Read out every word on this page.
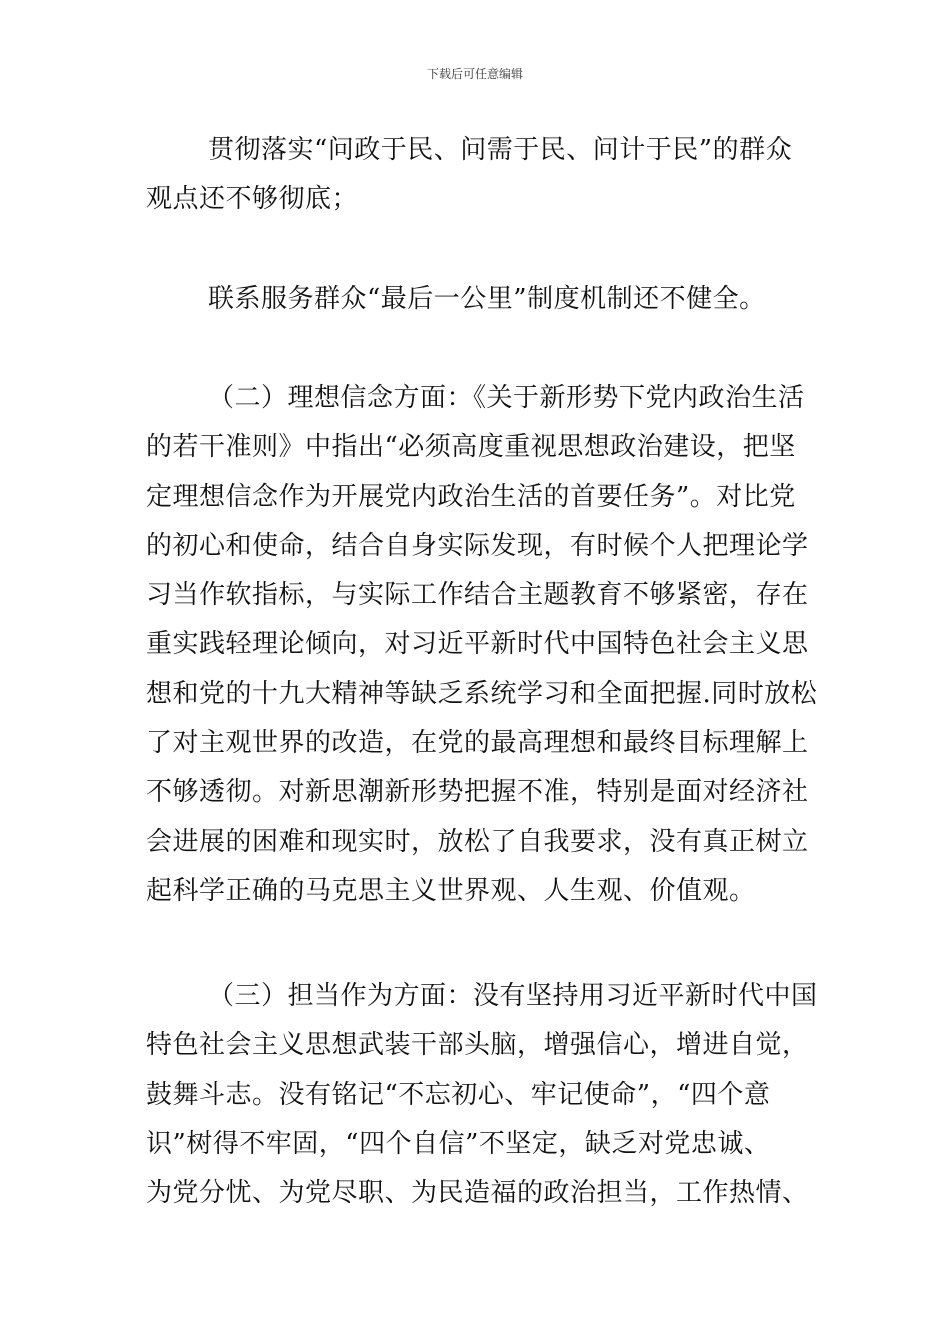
下载后可任意编辑
贯彻落实“问政于民、问需于民、问计于民”的群众
观点还不够彻底；
联系服务群众“最后一公里”制度机制还不健全。
（二）理想信念方面：《关于新形势下党内政治生活
的若干准则》中指出“必须高度重视思想政治建设，把坚
定理想信念作为开展党内政治生活的首要任务”。对比党
的初心和使命，结合自身实际发现，有时候个人把理论学
习当作软指标，与实际工作结合主题教育不够紧密，存在
重实践轻理论倾向，对习近平新时代中国特色社会主义思
想和党的十九大精神等缺乏系统学习和全面把握.同时放松
了对主观世界的改造，在党的最高理想和最终目标理解上
不够透彻。对新思潮新形势把握不准，特别是面对经济社
会进展的困难和现实时，放松了自我要求，没有真正树立
起科学正确的马克思主义世界观、人生观、价值观。
（三）担当作为方面：没有坚持用习近平新时代中国
特色社会主义思想武装干部头脑，增强信心，增进自觉，
鼓舞斗志。没有铭记“不忘初心、牢记使命”，“四个意
识”树得不牢固，“四个自信”不坚定，缺乏对党忠诚、
为党分忧、为党尽职、为民造福的政治担当，工作热情、
